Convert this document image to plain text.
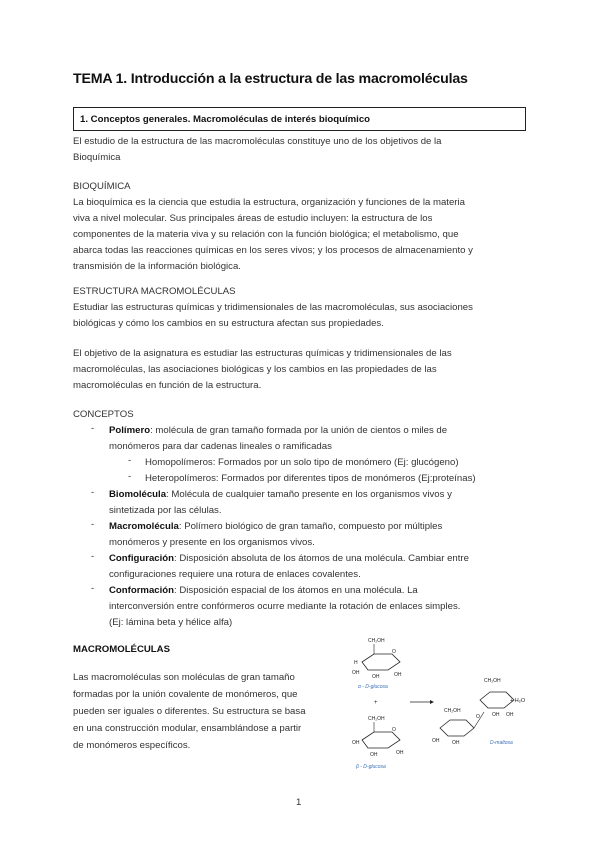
TEMA 1. Introducción a la estructura de las macromoléculas
1. Conceptos generales. Macromoléculas de interés bioquímico
El estudio de la estructura de las macromoléculas constituye uno de los objetivos de la
Bioquímica
BIOQUÍMICA
La bioquímica es la ciencia que estudia la estructura, organización y funciones de la materia
viva a nivel molecular. Sus principales áreas de estudio incluyen: la estructura de los
componentes de la materia viva y su relación con la función biológica; el metabolismo, que
abarca todas las reacciones químicas en los seres vivos; y los procesos de almacenamiento y
transmisión de la información biológica.
ESTRUCTURA MACROMOLÉCULAS
Estudiar las estructuras químicas y tridimensionales de las macromoléculas, sus asociaciones
biológicas y cómo los cambios en su estructura afectan sus propiedades.
El objetivo de la asignatura es estudiar las estructuras químicas y tridimensionales de las
macromoléculas, las asociaciones biológicas y los cambios en las propiedades de las
macromoléculas en función de la estructura.
CONCEPTOS
- Polímero: molécula de gran tamaño formada por la unión de cientos o miles de
monómeros para dar cadenas lineales o ramificadas
- Homopolímeros: Formados por un solo tipo de monómero (Ej: glucógeno)
- Heteropolímeros: Formados por diferentes tipos de monómeros (Ej:proteínas)
- Biomolécula: Molécula de cualquier tamaño presente en los organismos vivos y
sintetizada por las células.
- Macromolécula: Polímero biológico de gran tamaño, compuesto por múltiples
monómeros y presente en los organismos vivos.
- Configuración: Disposición absoluta de los átomos de una molécula. Cambiar entre
configuraciones requiere una rotura de enlaces covalentes.
- Conformación: Disposición espacial de los átomos en una molécula. La
interconversión entre confórmeros ocurre mediante la rotación de enlaces simples.
(Ej: lámina beta y hélice alfa)
MACROMOLÉCULAS
Las macromoléculas son moléculas de gran tamaño
formadas por la unión covalente de monómeros, que
pueden ser iguales o diferentes. Su estructura se basa
en una construcción modular, ensamblándose a partir
de monómeros específicos.
CH₂OH
O
H
OH
OH	OH
α - D-glucosa
+
CH₂OH
O
OH
OH	OH
β - D-glucosa
CH₂OH
OH	OH
O
CH₂OH
OH OH
D-maltosa
+ H₂O
1
